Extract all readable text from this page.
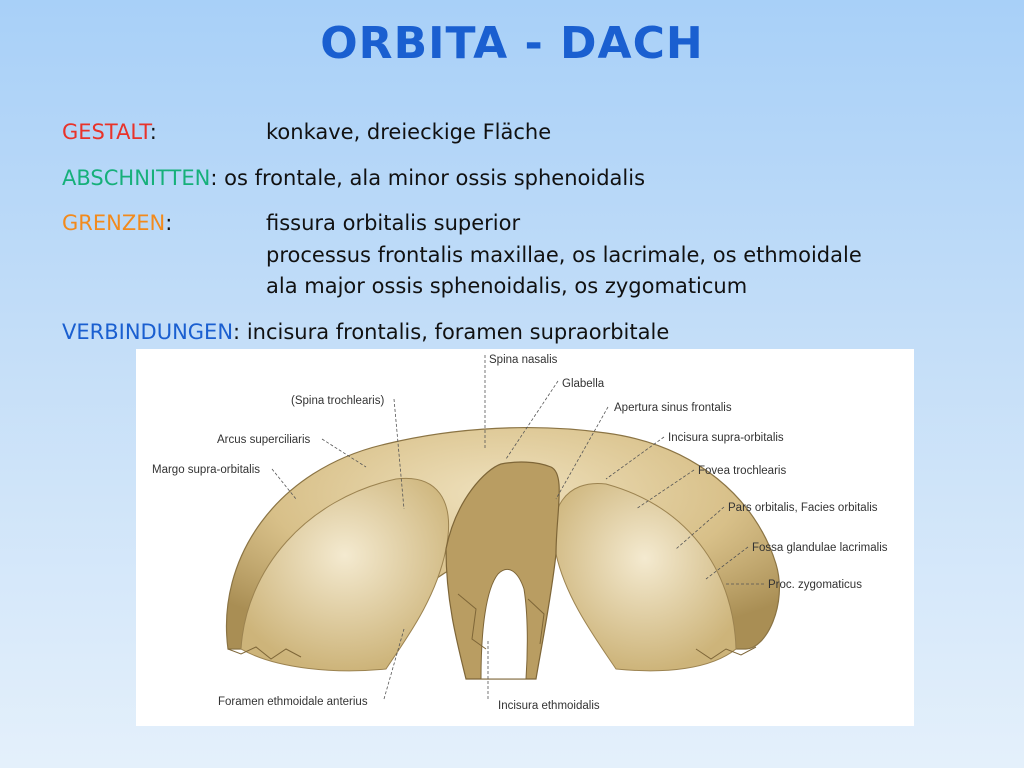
ORBITA - DACH
GESTALT:	konkave, dreieckige Fläche
ABSCHNITTEN: os frontale, ala minor ossis sphenoidalis
GRENZEN:	fissura orbitalis superior
processus frontalis maxillae, os lacrimale, os ethmoidale
ala major ossis sphenoidalis, os zygomaticum
VERBINDUNGEN: incisura frontalis, foramen supraorbitale
Spina nasalis
Glabella
(Spina trochlearis)
Apertura sinus frontalis
Arcus superciliaris	Incisura supra-orbitalis
Margo supra-orbitalis	Fovea trochlearis
Pars orbitalis, Facies orbitalis
Fossa glandulae lacrimalis
Proc. zygomaticus
Foramen ethmoidale anterius	Incisura ethmoidalis
